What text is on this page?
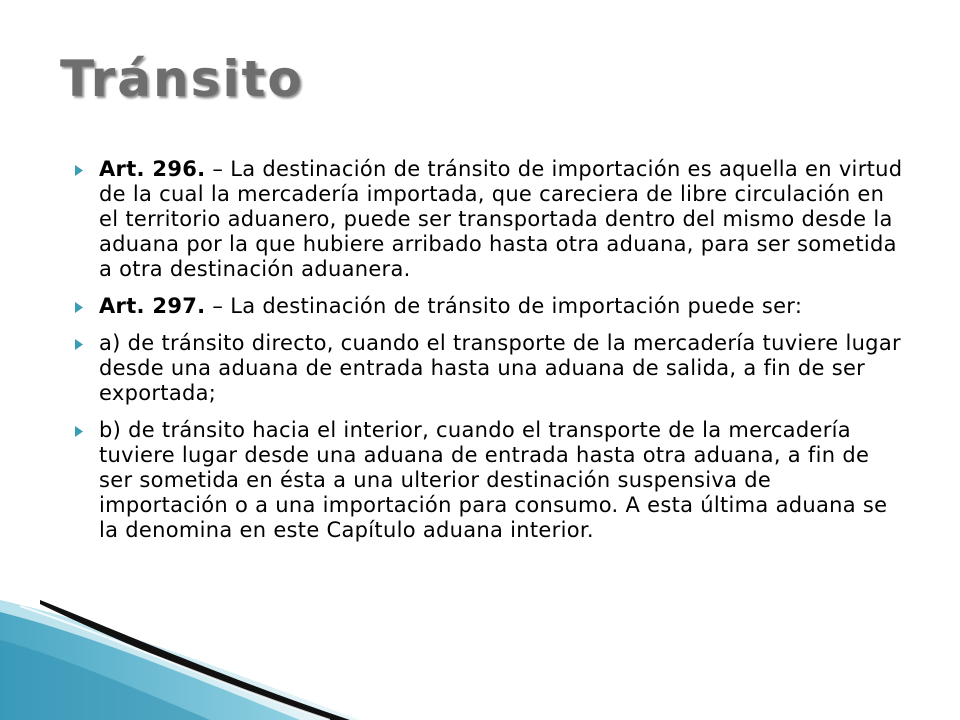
Tránsito

Art. 296. – La destinación de tránsito de importación es aquella en virtud de la cual la mercadería importada, que careciera de libre circulación en el territorio aduanero, puede ser transportada dentro del mismo desde la aduana por la que hubiere arribado hasta otra aduana, para ser sometida a otra destinación aduanera.

Art. 297. – La destinación de tránsito de importación puede ser:

a) de tránsito directo, cuando el transporte de la mercadería tuviere lugar desde una aduana de entrada hasta una aduana de salida, a fin de ser exportada;

b) de tránsito hacia el interior, cuando el transporte de la mercadería tuviere lugar desde una aduana de entrada hasta otra aduana, a fin de ser sometida en ésta a una ulterior destinación suspensiva de importación o a una importación para consumo. A esta última aduana se la denomina en este Capítulo aduana interior.
